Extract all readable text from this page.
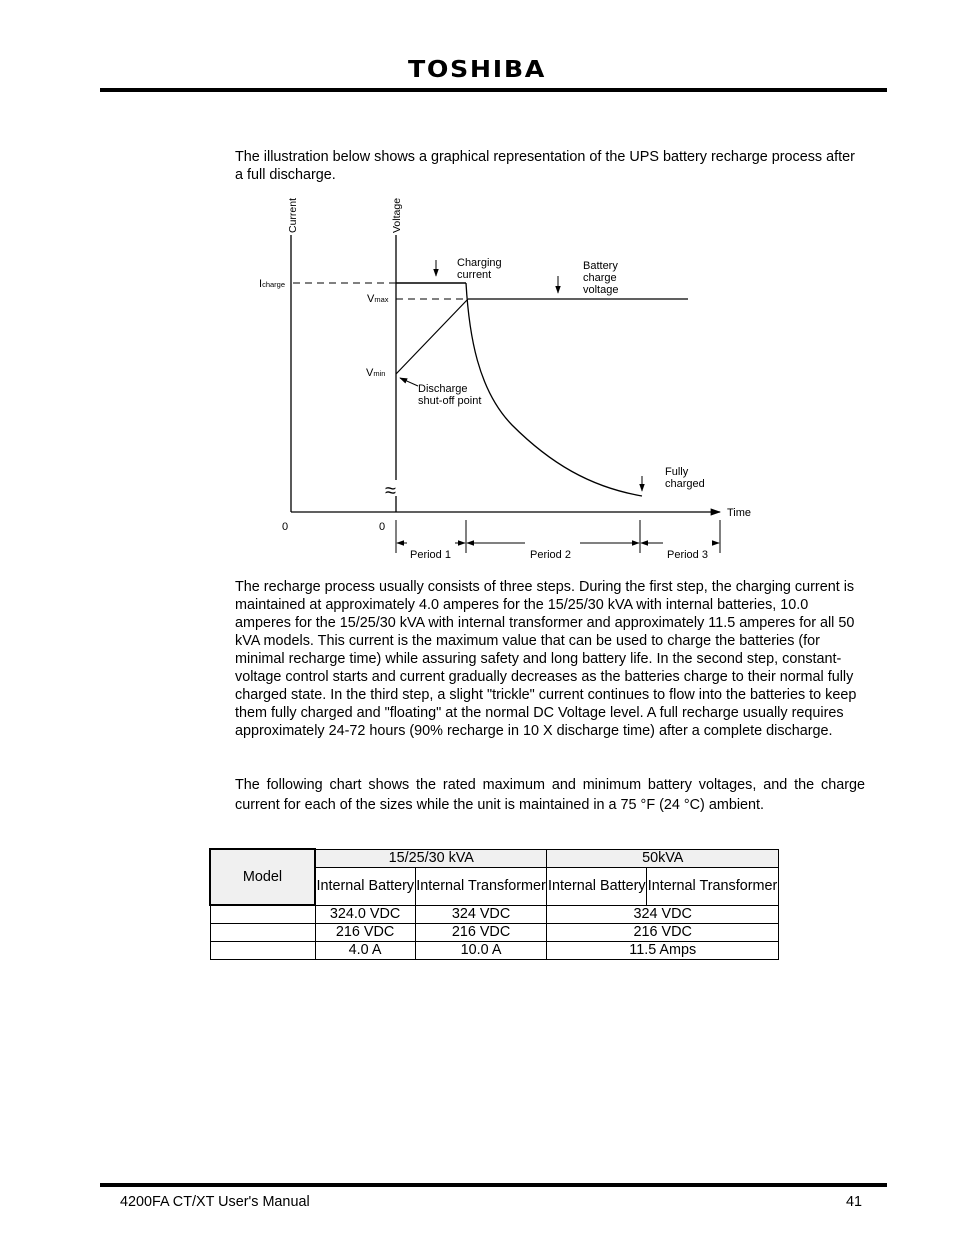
TOSHIBA

The illustration below shows a graphical representation of the UPS battery recharge process after a full discharge.

Current	Voltage
Icharge
Vmax
Vmin
Charging current
Battery charge voltage
Discharge shut-off point
Fully charged
≈
Time
0	0
Period 1	Period 2	Period 3

The recharge process usually consists of three steps. During the first step, the charging current is maintained at approximately 4.0 amperes for the 15/25/30 kVA with internal batteries, 10.0 amperes for the 15/25/30 kVA with internal transformer and approximately 11.5 amperes for all 50 kVA models. This current is the maximum value that can be used to charge the batteries (for minimal recharge time) while assuring safety and long battery life. In the second step, constant-voltage control starts and current gradually decreases as the batteries charge to their normal fully charged state. In the third step, a slight "trickle" current continues to flow into the batteries to keep them fully charged and "floating" at the normal DC Voltage level. A full recharge usually requires approximately 24-72 hours (90% recharge in 10 X discharge time) after a complete discharge.

The following chart shows the rated maximum and minimum battery voltages, and the charge current for each of the sizes while the unit is maintained in a 75 °F (24 °C) ambient.

Model	15/25/30 kVA		50kVA	
	Internal Battery	Internal Transformer	Internal Battery	Internal Transformer
	324.0 VDC	324 VDC	324 VDC	
	216 VDC	216 VDC	216 VDC	
	4.0 A	10.0 A	11.5 Amps	
4200FA CT/XT User's Manual	41
